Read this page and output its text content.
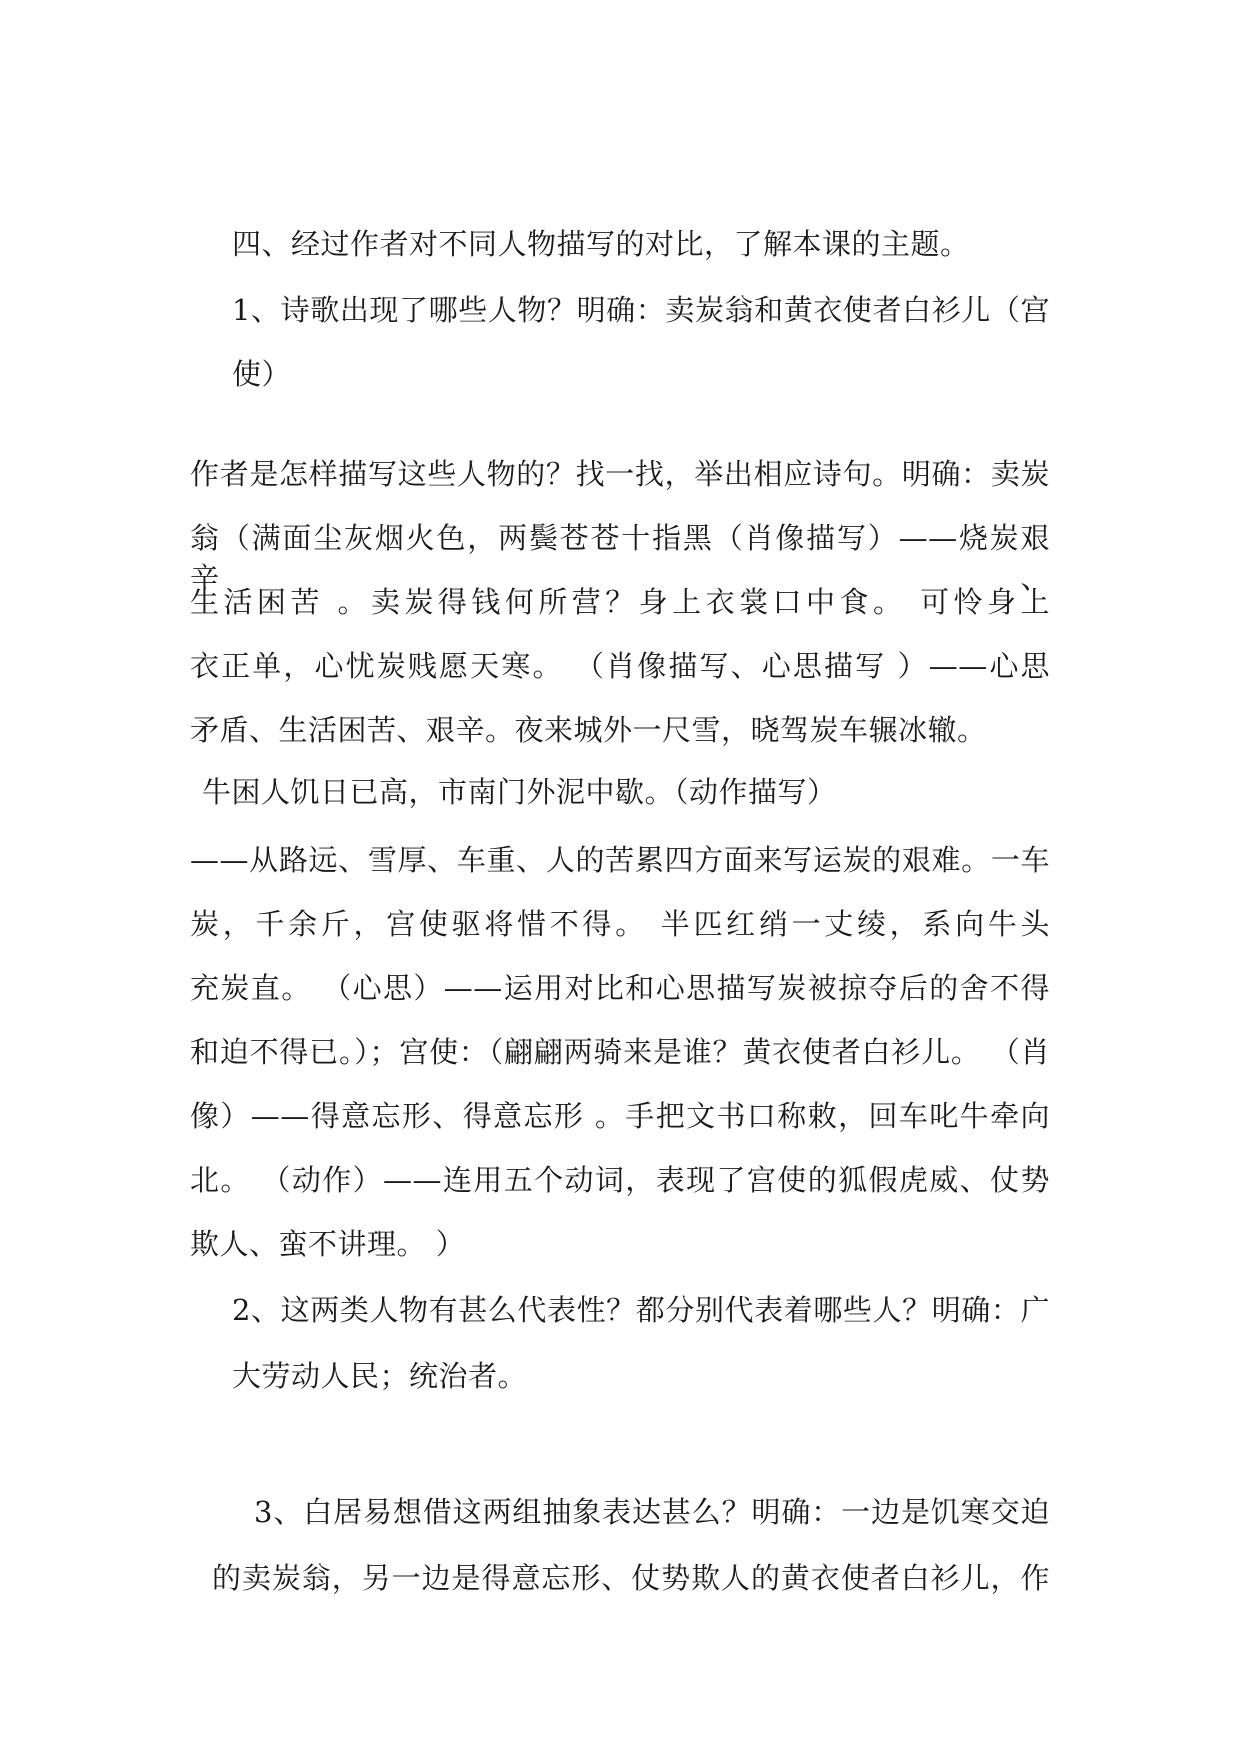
四、经过作者对不同人物描写的对比，了解本课的主题。
1、诗歌出现了哪些人物？明确：卖炭翁和黄衣使者白衫儿（宫
使）
作者是怎样描写这些人物的？找一找，举出相应诗句。明确：卖炭
翁（满面尘灰烟火色，两鬓苍苍十指黑（肖像描写）——烧炭艰辛、
生活困苦 。卖炭得钱何所营？身上衣裳口中食。 可怜身上
衣正单，心忧炭贱愿天寒。 （肖像描写、心思描写 ）——心思
矛盾、生活困苦、艰辛。夜来城外一尺雪，晓驾炭车辗冰辙。
牛困人饥日已高，市南门外泥中歇。（动作描写）
——从路远、雪厚、车重、人的苦累四方面来写运炭的艰难。一车
炭，千余斤，宫使驱将惜不得。 半匹红绡一丈绫，系向牛头
充炭直。 （心思）——运用对比和心思描写炭被掠夺后的舍不得
和迫不得已。）；宫使：（翩翩两骑来是谁？黄衣使者白衫儿。 （肖
像）——得意忘形、得意忘形 。手把文书口称敕，回车叱牛牵向
北。 （动作）——连用五个动词，表现了宫使的狐假虎威、仗势
欺人、蛮不讲理。 ）
2、这两类人物有甚么代表性？都分别代表着哪些人？明确：广
大劳动人民；统治者。
3、白居易想借这两组抽象表达甚么？明确：一边是饥寒交迫
的卖炭翁，另一边是得意忘形、仗势欺人的黄衣使者白衫儿，作
